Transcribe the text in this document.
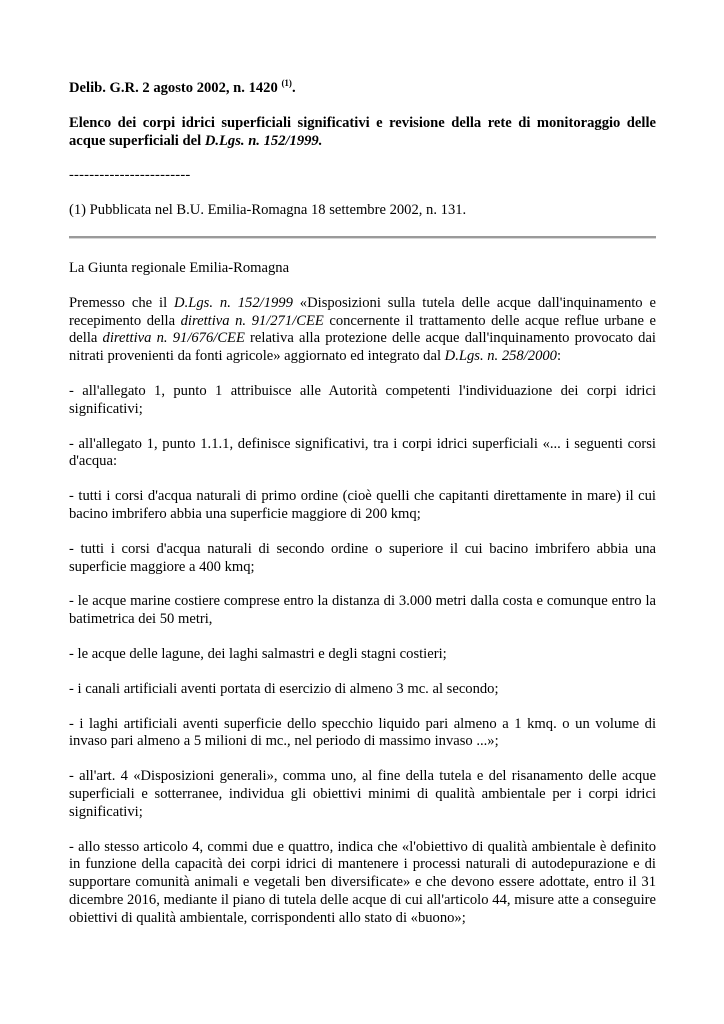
Delib. G.R. 2 agosto 2002, n. 1420 $^{(1)}$.

Elenco dei corpi idrici superficiali significativi e revisione della rete di monitoraggio delle acque superficiali del D.Lgs. n. 152/1999.

------------------------

(1) Pubblicata nel B.U. Emilia-Romagna 18 settembre 2002, n. 131.

La Giunta regionale Emilia-Romagna

Premesso che il D.Lgs. n. 152/1999 «Disposizioni sulla tutela delle acque dall'inquinamento e recepimento della direttiva n. 91/271/CEE concernente il trattamento delle acque reflue urbane e della direttiva n. 91/676/CEE relativa alla protezione delle acque dall'inquinamento provocato dai nitrati provenienti da fonti agricole» aggiornato ed integrato dal D.Lgs. n. 258/2000:

- all'allegato 1, punto 1 attribuisce alle Autorità competenti l'individuazione dei corpi idrici significativi;

- all'allegato 1, punto 1.1.1, definisce significativi, tra i corpi idrici superficiali «... i seguenti corsi d'acqua:

- tutti i corsi d'acqua naturali di primo ordine (cioè quelli che capitanti direttamente in mare) il cui bacino imbrifero abbia una superficie maggiore di 200 kmq;

- tutti i corsi d'acqua naturali di secondo ordine o superiore il cui bacino imbrifero abbia una superficie maggiore a 400 kmq;

- le acque marine costiere comprese entro la distanza di 3.000 metri dalla costa e comunque entro la batimetrica dei 50 metri,

- le acque delle lagune, dei laghi salmastri e degli stagni costieri;

- i canali artificiali aventi portata di esercizio di almeno 3 mc. al secondo;

- i laghi artificiali aventi superficie dello specchio liquido pari almeno a 1 kmq. o un volume di invaso pari almeno a 5 milioni di mc., nel periodo di massimo invaso ...»;

- all'art. 4 «Disposizioni generali», comma uno, al fine della tutela e del risanamento delle acque superficiali e sotterranee, individua gli obiettivi minimi di qualità ambientale per i corpi idrici significativi;

- allo stesso articolo 4, commi due e quattro, indica che «l'obiettivo di qualità ambientale è definito in funzione della capacità dei corpi idrici di mantenere i processi naturali di autodepurazione e di supportare comunità animali e vegetali ben diversificate» e che devono essere adottate, entro il 31 dicembre 2016, mediante il piano di tutela delle acque di cui all'articolo 44, misure atte a conseguire obiettivi di qualità ambientale, corrispondenti allo stato di «buono»;
